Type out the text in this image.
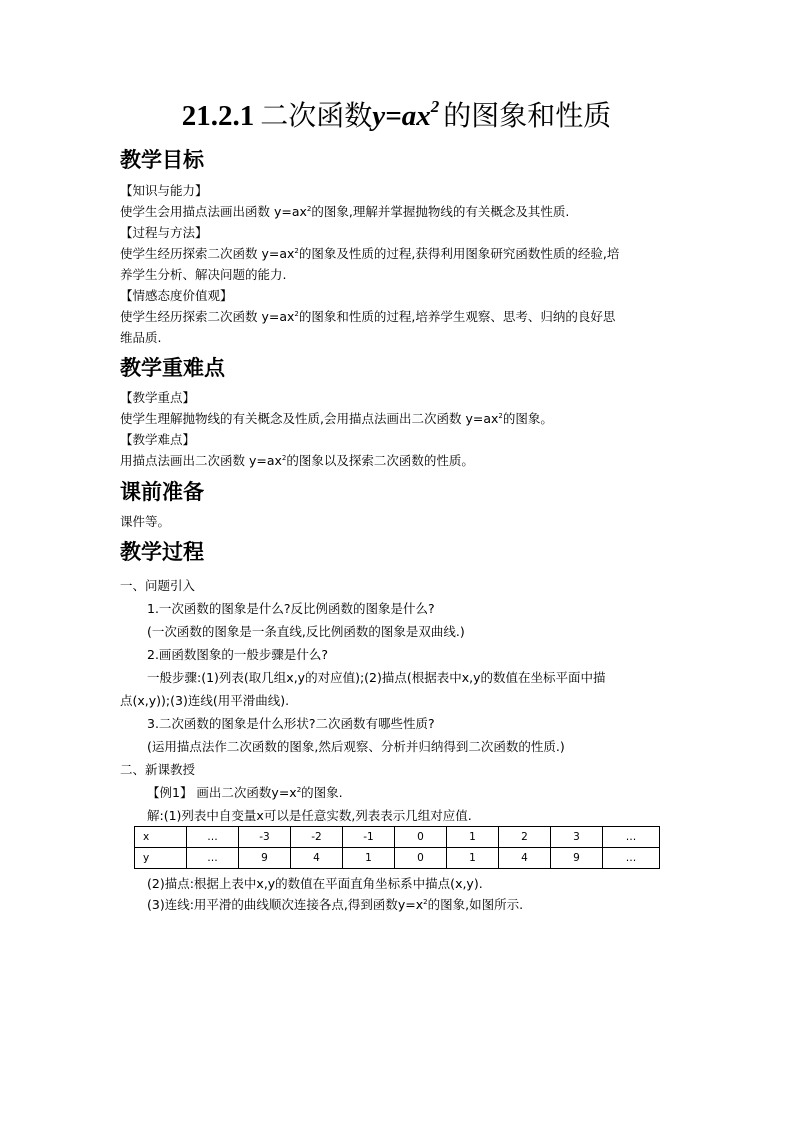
21.2.1 二次函数$y=ax^2$ 的图象和性质
教学目标
【知识与能力】
使学生会用描点法画出函数 $y=ax^2$的图象,理解并掌握抛物线的有关概念及其性质.
【过程与方法】
使学生经历探索二次函数 $y=ax^2$的图象及性质的过程,获得利用图象研究函数性质的经验,培
养学生分析、解决问题的能力.
【情感态度价值观】
使学生经历探索二次函数 $y=ax^2$的图象和性质的过程,培养学生观察、思考、归纳的良好思
维品质.
教学重难点
【教学重点】
使学生理解抛物线的有关概念及性质,会用描点法画出二次函数 $y=ax^2$的图象。
【教学难点】
用描点法画出二次函数 $y=ax^2$的图象以及探索二次函数的性质。
课前准备
课件等。
教学过程
一、问题引入
1.一次函数的图象是什么?反比例函数的图象是什么?
(一次函数的图象是一条直线,反比例函数的图象是双曲线.)
2.画函数图象的一般步骤是什么?
一般步骤:(1)列表(取几组x,y的对应值);(2)描点(根据表中x,y的数值在坐标平面中描
点(x,y));(3)连线(用平滑曲线).
3.二次函数的图象是什么形状?二次函数有哪些性质?
(运用描点法作二次函数的图象,然后观察、分析并归纳得到二次函数的性质.)
二、新课教授
【例1】 画出二次函数$y=x^2$的图象.
解:(1)列表中自变量x可以是任意实数,列表表示几组对应值.
x	…	-3	-2	-1	0	1	2	3	…
y	…	9	4	1	0	1	4	9	…
(2)描点:根据上表中x,y的数值在平面直角坐标系中描点(x,y).
(3)连线:用平滑的曲线顺次连接各点,得到函数$y=x^2$的图象,如图所示.
